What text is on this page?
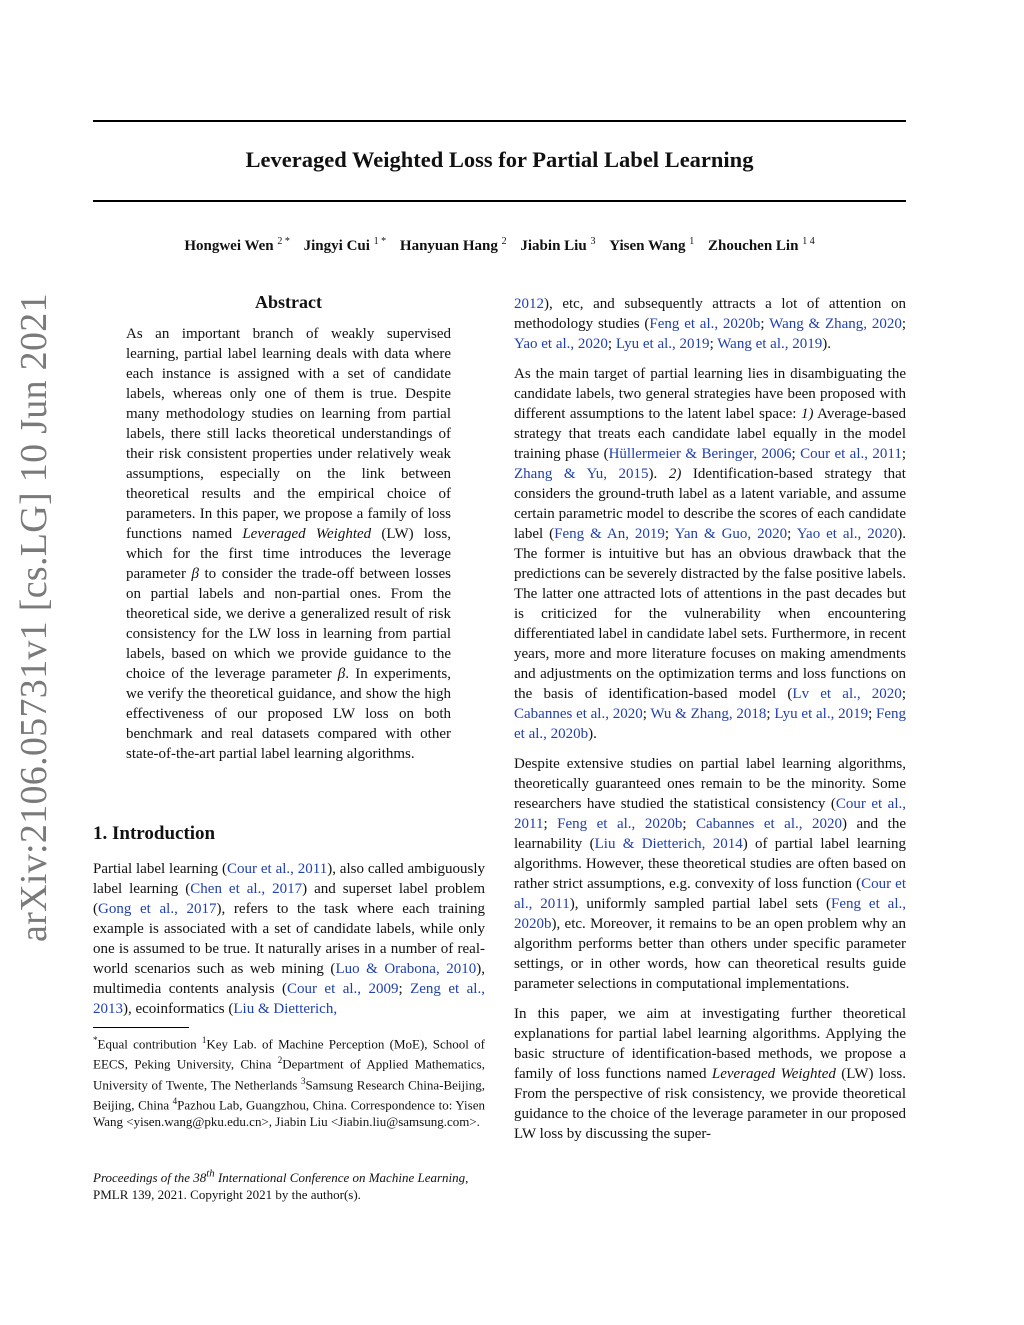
Leveraged Weighted Loss for Partial Label Learning
Hongwei Wen $^{2 *}$ Jingyi Cui $^{1 *}$ Hanyuan Hang $^2$ Jiabin Liu $^3$ Yisen Wang $^1$ Zhouchen Lin $^{1 4}$
arXiv:2106.05731v1 [cs.LG] 10 Jun 2021	Abstract

As an important branch of weakly supervised learning, partial label learning deals with data where each instance is assigned with a set of candidate labels, whereas only one of them is true. Despite many methodology studies on learning from partial labels, there still lacks theoretical understandings of their risk consistent properties under relatively weak assumptions, especially on the link between theoretical results and the empirical choice of parameters. In this paper, we propose a family of loss functions named Leveraged Weighted (LW) loss, which for the first time introduces the leverage parameter β to consider the trade-off between losses on partial labels and non-partial ones. From the theoretical side, we derive a generalized result of risk consistency for the LW loss in learning from partial labels, based on which we provide guidance to the choice of the leverage parameter β. In experiments, we verify the theoretical guidance, and show the high effectiveness of our proposed LW loss on both benchmark and real datasets compared with other state-of-the-art partial label learning algorithms.

1. Introduction

Partial label learning (Cour et al., 2011), also called ambiguously label learning (Chen et al., 2017) and superset label problem (Gong et al., 2017), refers to the task where each training example is associated with a set of candidate labels, while only one is assumed to be true. It naturally arises in a number of real-world scenarios such as web mining (Luo & Orabona, 2010), multimedia contents analysis (Cour et al., 2009; Zeng et al., 2013), ecoinformatics (Liu & Dietterich,

*Equal contribution $^1$Key Lab. of Machine Perception (MoE), School of EECS, Peking University, China $^2$Department of Applied Mathematics, University of Twente, The Netherlands $^3$Samsung Research China-Beijing, Beijing, China $^4$Pazhou Lab, Guangzhou, China. Correspondence to: Yisen Wang <yisen.wang@pku.edu.cn>, Jiabin Liu <Jiabin.liu@samsung.com>.
Proceedings of the 38th International Conference on Machine Learning, PMLR 139, 2021. Copyright 2021 by the author(s).

2012), etc, and subsequently attracts a lot of attention on methodology studies (Feng et al., 2020b; Wang & Zhang, 2020; Yao et al., 2020; Lyu et al., 2019; Wang et al., 2019).

As the main target of partial learning lies in disambiguating the candidate labels, two general strategies have been proposed with different assumptions to the latent label space: 1) Average-based strategy that treats each candidate label equally in the model training phase (Hüllermeier & Beringer, 2006; Cour et al., 2011; Zhang & Yu, 2015). 2) Identification-based strategy that considers the ground-truth label as a latent variable, and assume certain parametric model to describe the scores of each candidate label (Feng & An, 2019; Yan & Guo, 2020; Yao et al., 2020). The former is intuitive but has an obvious drawback that the predictions can be severely distracted by the false positive labels. The latter one attracted lots of attentions in the past decades but is criticized for the vulnerability when encountering differentiated label in candidate label sets. Furthermore, in recent years, more and more literature focuses on making amendments and adjustments on the optimization terms and loss functions on the basis of identification-based model (Lv et al., 2020; Cabannes et al., 2020; Wu & Zhang, 2018; Lyu et al., 2019; Feng et al., 2020b).

Despite extensive studies on partial label learning algorithms, theoretically guaranteed ones remain to be the minority. Some researchers have studied the statistical consistency (Cour et al., 2011; Feng et al., 2020b; Cabannes et al., 2020) and the learnability (Liu & Dietterich, 2014) of partial label learning algorithms. However, these theoretical studies are often based on rather strict assumptions, e.g. convexity of loss function (Cour et al., 2011), uniformly sampled partial label sets (Feng et al., 2020b), etc. Moreover, it remains to be an open problem why an algorithm performs better than others under specific parameter settings, or in other words, how can theoretical results guide parameter selections in computational implementations.

In this paper, we aim at investigating further theoretical explanations for partial label learning algorithms. Applying the basic structure of identification-based methods, we propose a family of loss functions named Leveraged Weighted (LW) loss. From the perspective of risk consistency, we provide theoretical guidance to the choice of the leverage parameter in our proposed LW loss by discussing the super-
